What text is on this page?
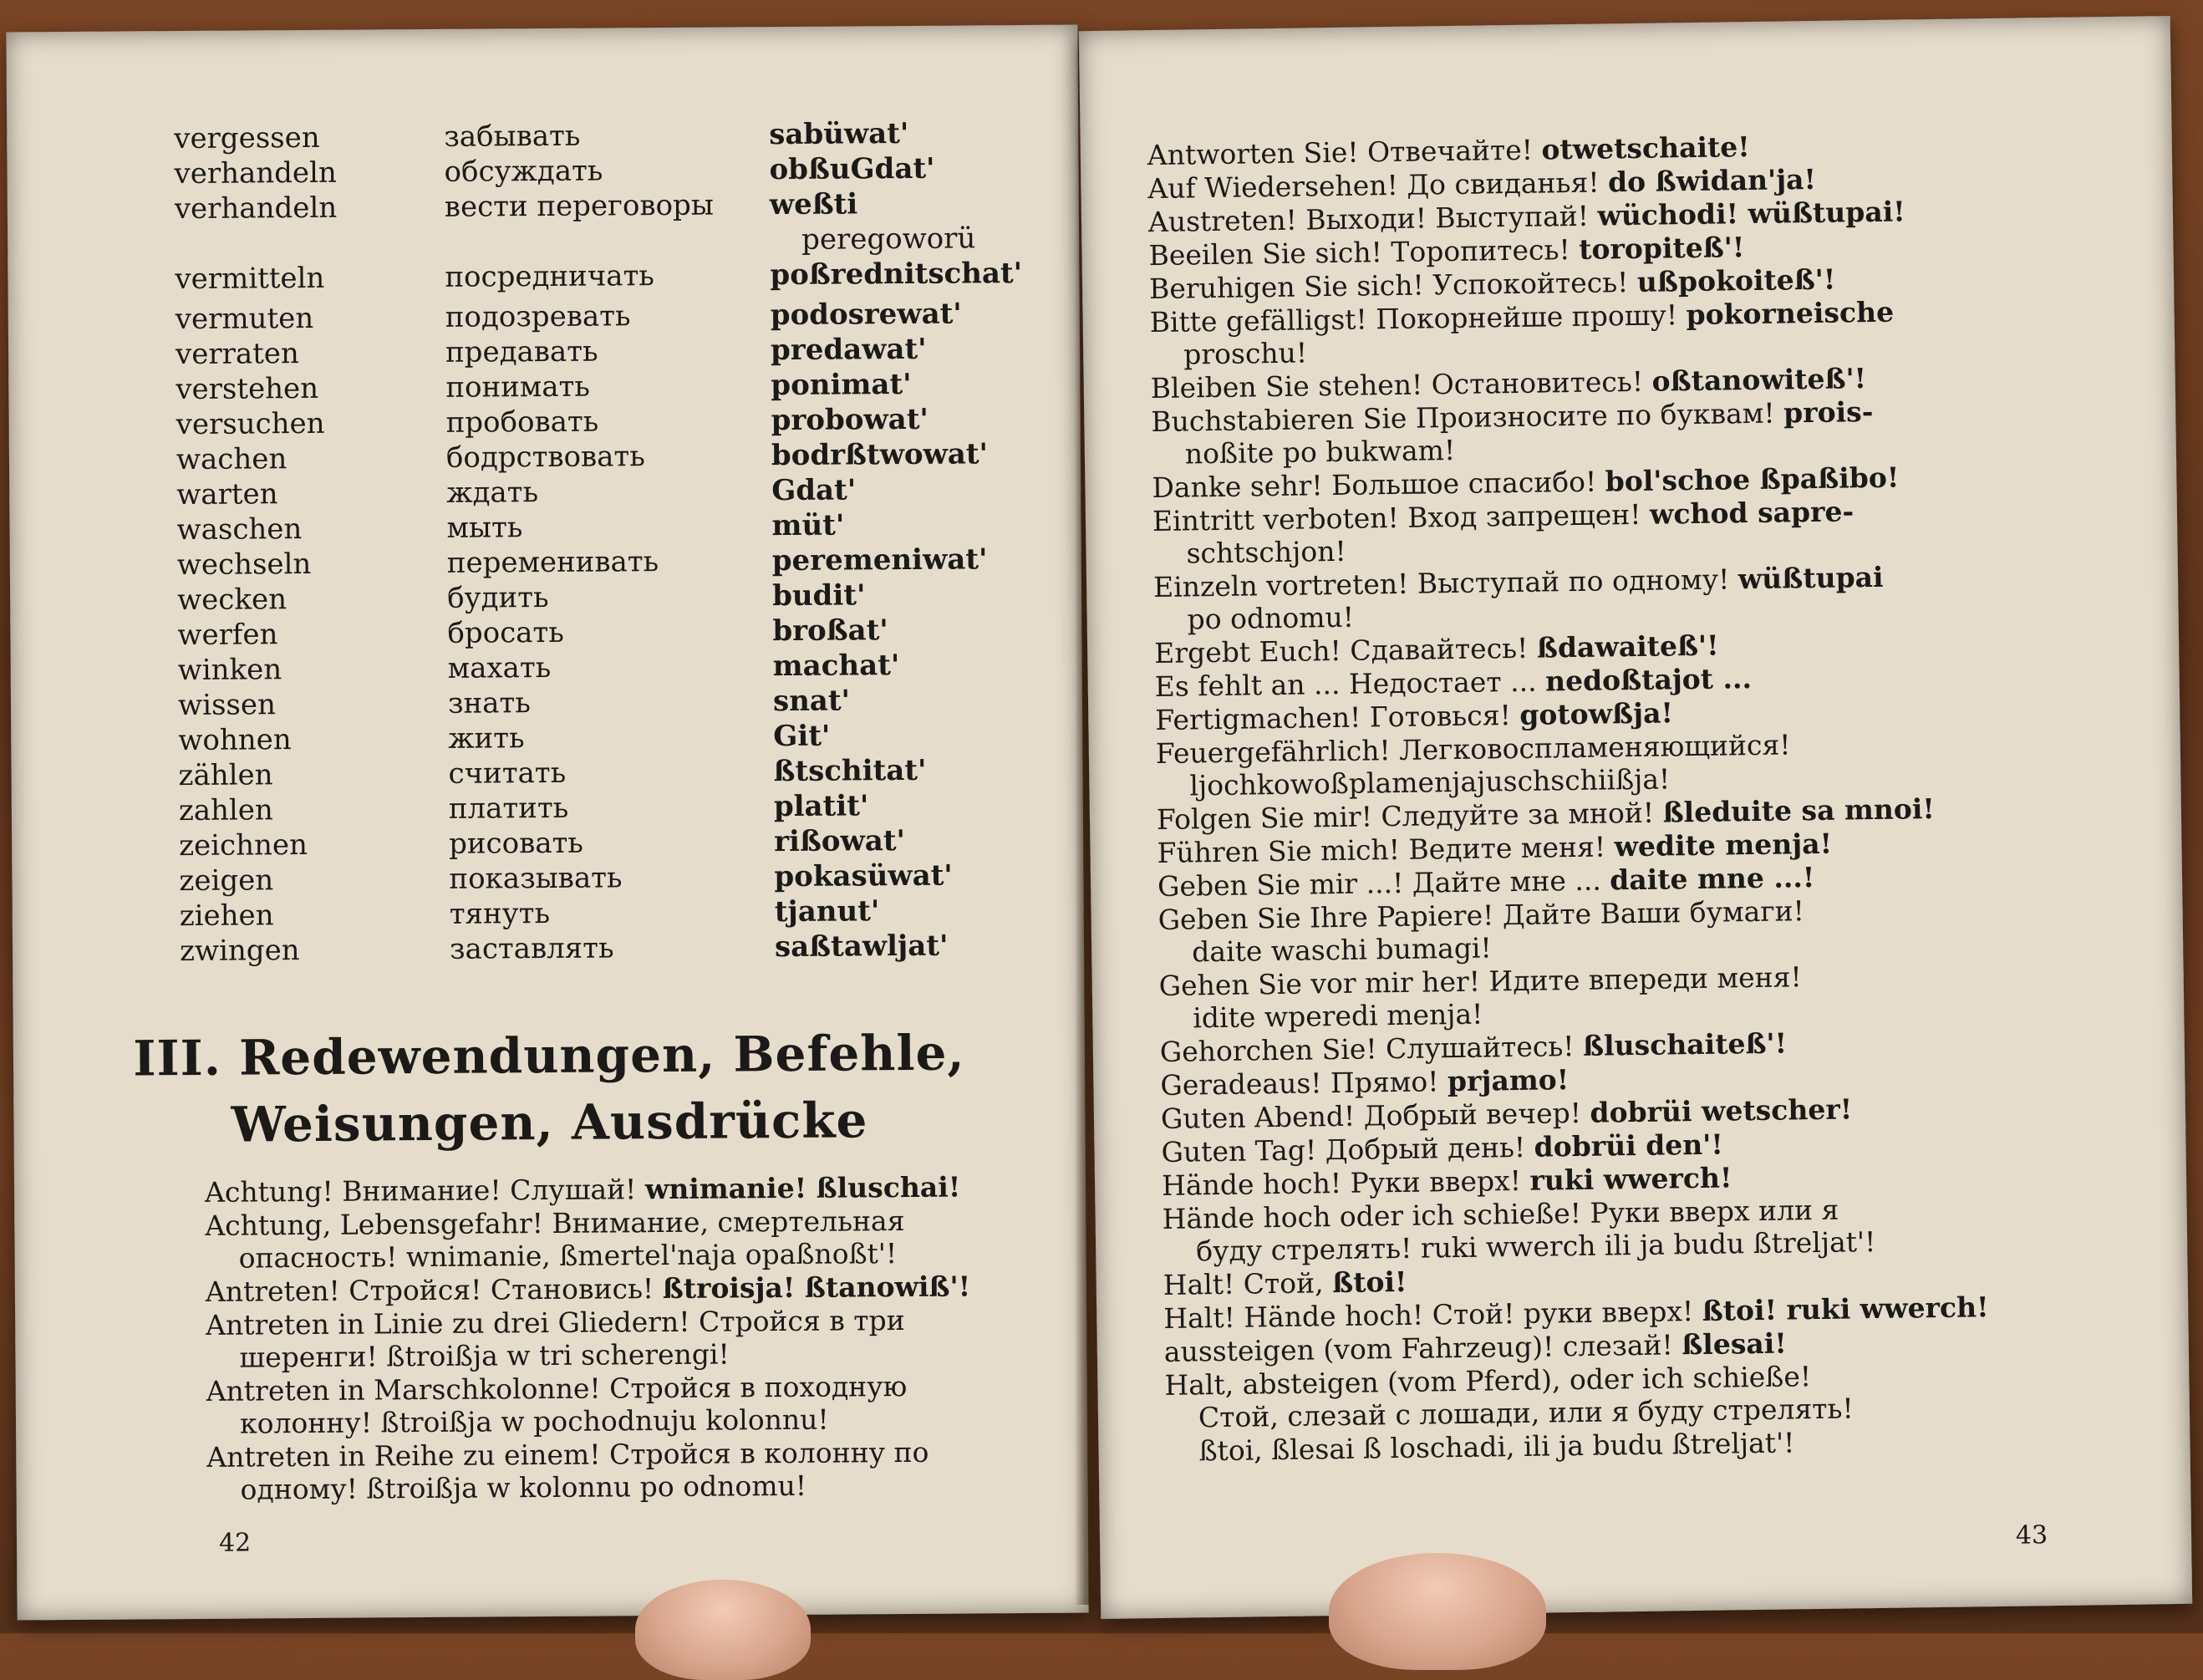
vergessen	забывать	sabüwat'
verhandeln	обсуждать	obßuGdat'
verhandeln	вести переговоры weßti
peregoworü
vermitteln	посредничать	poßrednitschat'
vermuten	подозревать	podosrewat'
verraten	предавать	predawat'
verstehen	понимать	ponimat'
versuchen	пробовать	probowat'
wachen	бодрствовать	bodrßtwowat'
warten	ждать	Gdat'
waschen	мыть	müt'
wechseln	переменивать	peremeniwat'
wecken	будить	budit'
werfen	бросать	broßat'
winken	махать	machat'
wissen	знать	snat'
wohnen	жить	Git'
zählen	считать	ßtschitat'
zahlen	платить	platit'
zeichnen	рисовать	rißowat'
zeigen	показывать	pokasüwat'
ziehen	тянуть	tjanut'
zwingen	заставлять	saßtawljat'
III. Redewendungen, Befehle,
Weisungen, Ausdrücke
Achtung! Внимание! Слушай! wnimanie! ßluschai!
Achtung, Lebensgefahr! Внимание, смертельная
опасность! wnimanie, ßmertel'naja opaßnoßt'!
Antreten! Стройся! Становись! ßtroisja! ßtanowiß'!
Antreten in Linie zu drei Gliedern! Стройся в три
шеренги! ßtroißja w tri scherengi!
Antreten in Marschkolonne! Стройся в походную
колонну! ßtroißja w pochodnuju kolonnu!
Antreten in Reihe zu einem! Стройся в колонну по
одному! ßtroißja w kolonnu po odnomu!
42
Antworten Sie! Отвечайте! otwetschaite!
Auf Wiedersehen! До свиданья! do ßwidan'ja!
Austreten! Выходи! Выступай! wüchodi! wüßtupai!
Beeilen Sie sich! Торопитесь! toropiteß'!
Beruhigen Sie sich! Успокойтесь! ußpokoiteß'!
Bitte gefälligst! Покорнейше прошу! pokorneische
proschu!
Bleiben Sie stehen! Остановитесь! oßtanowiteß'!
Buchstabieren Sie Произносите по буквам! prois-
noßite po bukwam!
Danke sehr! Большое спасибо! bol'schoe ßpaßibo!
Eintritt verboten! Вход запрещен! wchod sapre-
schtschjon!
Einzeln vortreten! Выступай по одному! wüßtupai
po odnomu!
Ergebt Euch! Сдавайтесь! ßdawaiteß'!
Es fehlt an ... Недостает ... nedoßtajot ...
Fertigmachen! Готовься! gotowßja!
Feuergefährlich! Легковоспламеняющийся!
ljochkowoßplamenjajuschschiißja!
Folgen Sie mir! Следуйте за мной! ßleduite sa mnoi!
Führen Sie mich! Ведите меня! wedite menja!
Geben Sie mir ...! Дайте мне ... daite mne ...!
Geben Sie Ihre Papiere! Дайте Ваши бумаги!
daite waschi bumagi!
Gehen Sie vor mir her! Идите впереди меня!
idite wperedi menja!
Gehorchen Sie! Слушайтесь! ßluschaiteß'!
Geradeaus! Прямо! prjamo!
Guten Abend! Добрый вечер! dobrüi wetscher!
Guten Tag! Добрый день! dobrüi den'!
Hände hoch! Руки вверх! ruki wwerch!
Hände hoch oder ich schieße! Руки вверх или я
буду стрелять! ruki wwerch ili ja budu ßtreljat'!
Halt! Стой, ßtoi!
Halt! Hände hoch! Стой! руки вверх! ßtoi! ruki wwerch!
aussteigen (vom Fahrzeug)! слезай! ßlesai!
Halt, absteigen (vom Pferd), oder ich schieße!
Стой, слезай с лошади, или я буду стрелять!
ßtoi, ßlesai ß loschadi, ili ja budu ßtreljat'!
43
